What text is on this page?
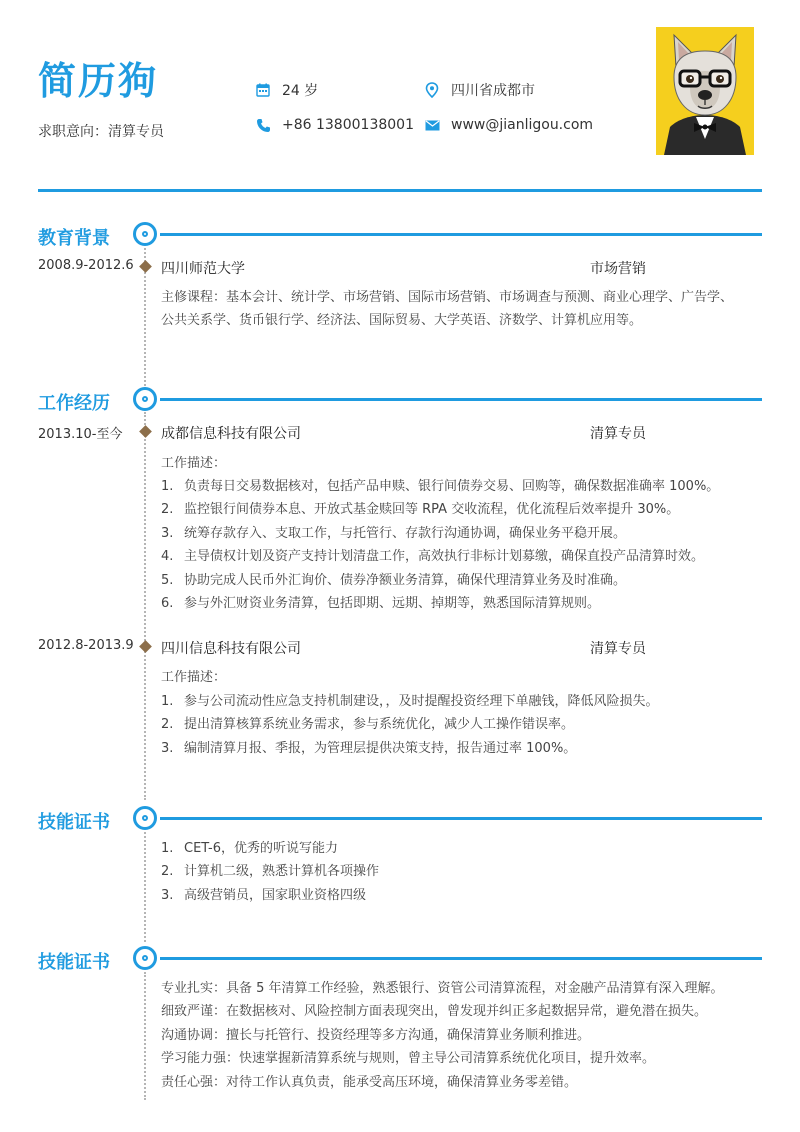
简历狗
求职意向：清算专员
24 岁	四川省成都市
+86 13800138001	www@jianligou.com
教育背景
2008.9-2012.6 四川师范大学	市场营销
主修课程：基本会计、统计学、市场营销、国际市场营销、市场调查与预测、商业心理学、广告学、
公共关系学、货币银行学、经济法、国际贸易、大学英语、济数学、计算机应用等。
工作经历
2013.10-至今	成都信息科技有限公司	清算专员
工作描述：
1. 负责每日交易数据核对，包括产品申赎、银行间债券交易、回购等，确保数据准确率 100%。
2. 监控银行间债券本息、开放式基金赎回等 RPA 交收流程，优化流程后效率提升 30%。
3. 统筹存款存入、支取工作，与托管行、存款行沟通协调，确保业务平稳开展。
4. 主导债权计划及资产支持计划清盘工作，高效执行非标计划募缴，确保直投产品清算时效。
5. 协助完成人民币外汇询价、债券净额业务清算，确保代理清算业务及时准确。
6. 参与外汇财资业务清算，包括即期、远期、掉期等，熟悉国际清算规则。
2012.8-2013.9 四川信息科技有限公司	清算专员
工作描述：
1. 参与公司流动性应急支持机制建设，，及时提醒投资经理下单融钱，降低风险损失。
2. 提出清算核算系统业务需求，参与系统优化，减少人工操作错误率。
3. 编制清算月报、季报，为管理层提供决策支持，报告通过率 100%。
技能证书
1. CET-6，优秀的听说写能力
2. 计算机二级，熟悉计算机各项操作
3. 高级营销员，国家职业资格四级
技能证书
专业扎实：具备 5 年清算工作经验，熟悉银行、资管公司清算流程，对金融产品清算有深入理解。
细致严谨：在数据核对、风险控制方面表现突出，曾发现并纠正多起数据异常，避免潜在损失。
沟通协调：擅长与托管行、投资经理等多方沟通，确保清算业务顺利推进。
学习能力强：快速掌握新清算系统与规则，曾主导公司清算系统优化项目，提升效率。
责任心强：对待工作认真负责，能承受高压环境，确保清算业务零差错。
